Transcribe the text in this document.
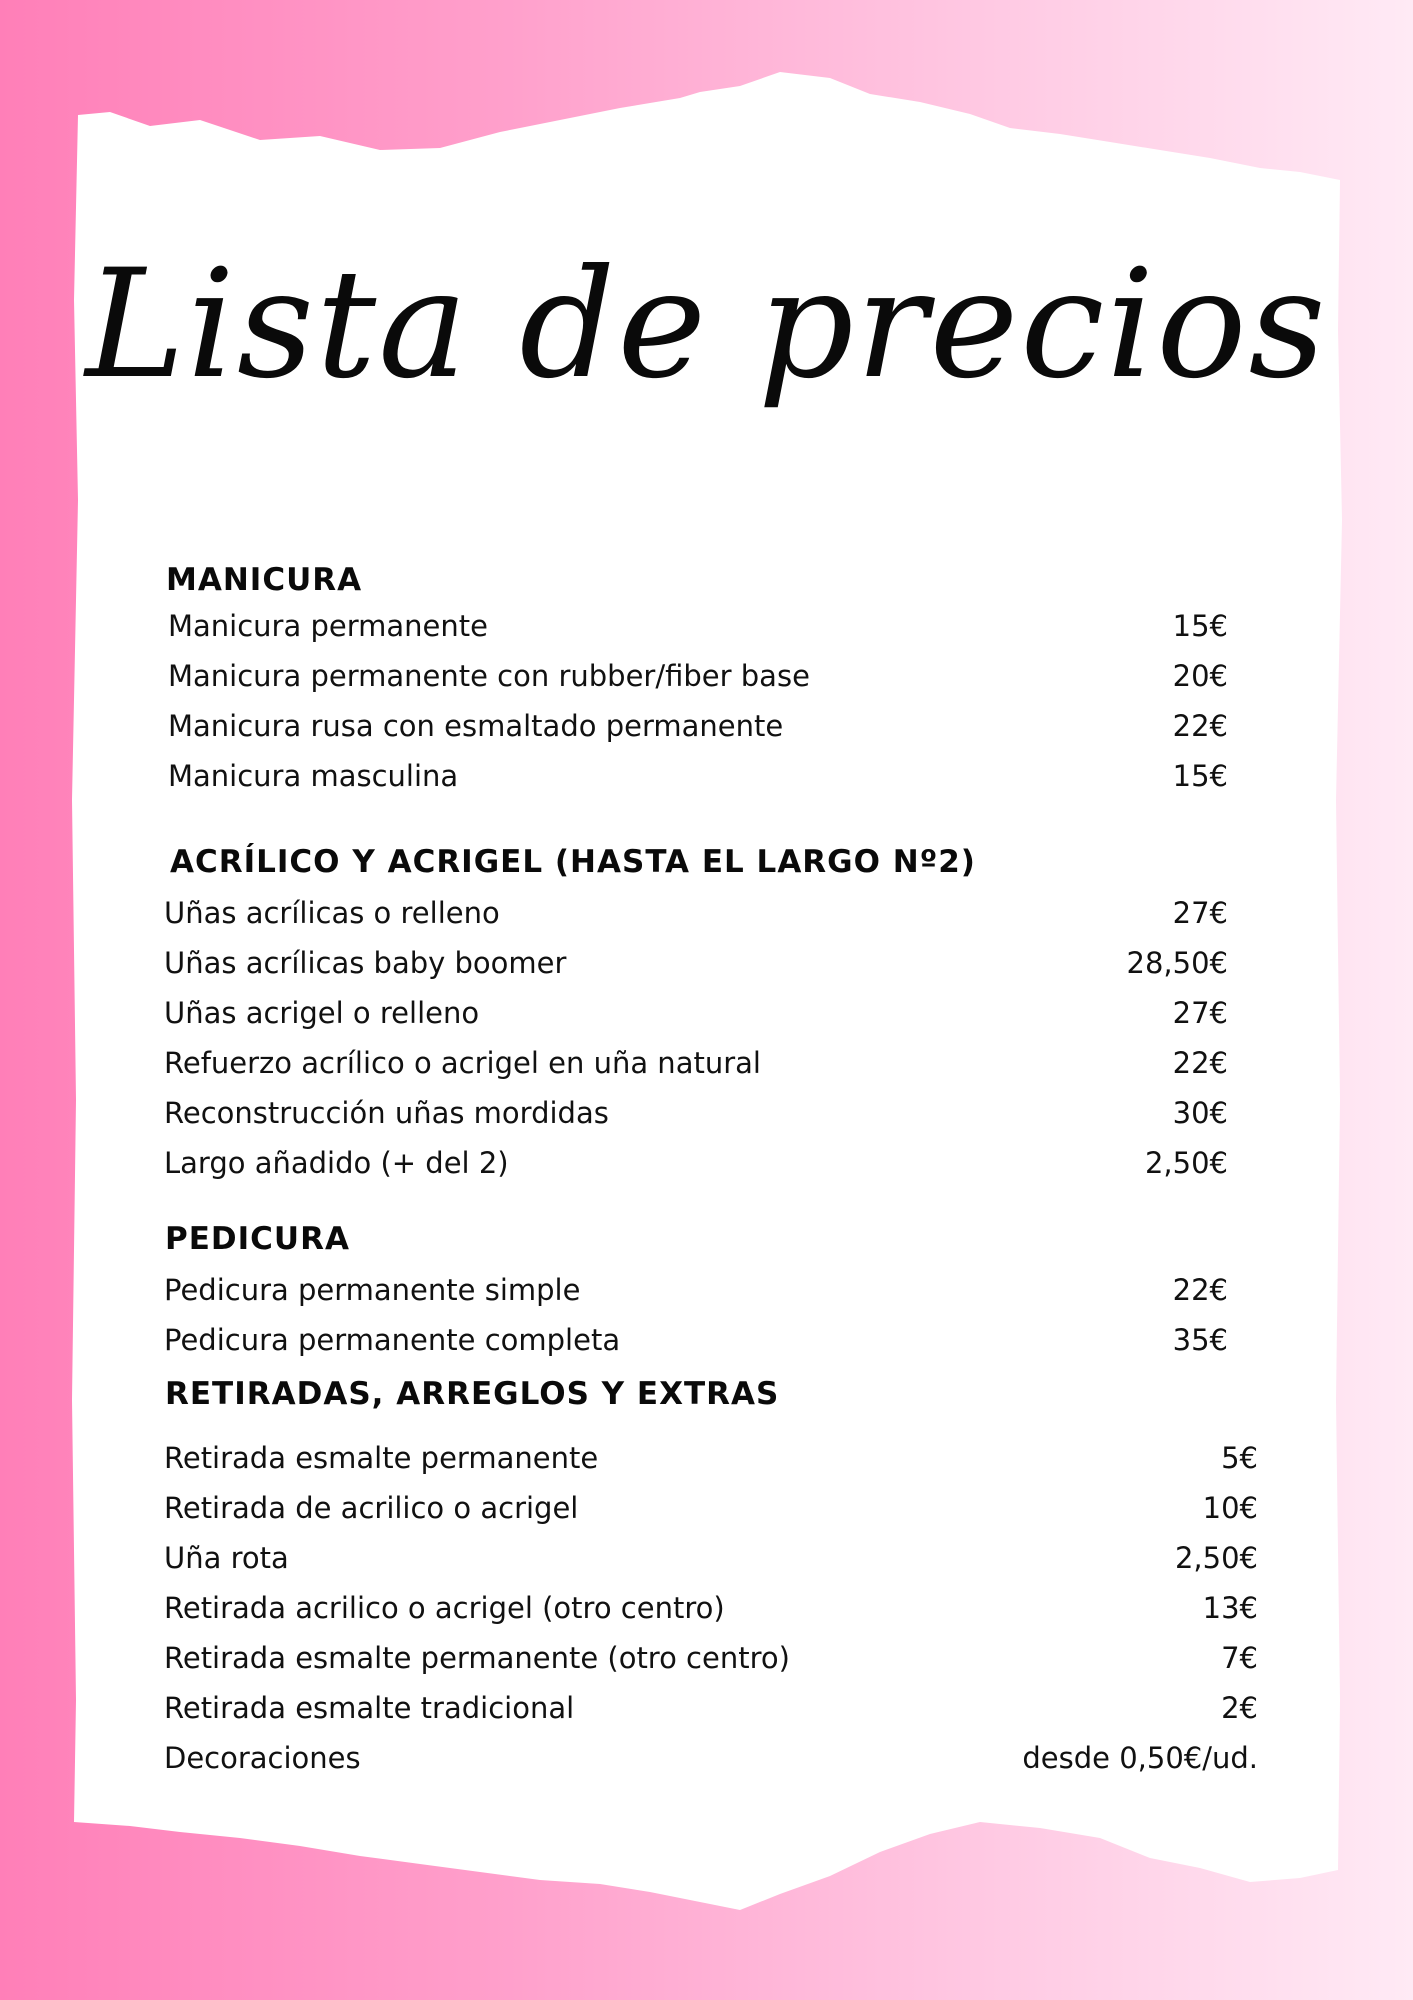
Lista de precios
MANICURA
Manicura permanente	15€
Manicura permanente con rubber/fiber base	20€
Manicura rusa con esmaltado permanente	22€
Manicura masculina	15€
ACRÍLICO Y ACRIGEL (HASTA EL LARGO Nº2)
Uñas acrílicas o relleno	27€
Uñas acrílicas baby boomer	28,50€
Uñas acrigel o relleno	27€
Refuerzo acrílico o acrigel en uña natural	22€
Reconstrucción uñas mordidas	30€
Largo añadido (+ del 2)	2,50€
PEDICURA
Pedicura permanente simple	22€
Pedicura permanente completa	35€
RETIRADAS, ARREGLOS Y EXTRAS
Retirada esmalte permanente	5€
Retirada de acrilico o acrigel	10€
Uña rota	2,50€
Retirada acrilico o acrigel (otro centro)	13€
Retirada esmalte permanente (otro centro)	7€
Retirada esmalte tradicional	2€
Decoraciones	desde 0,50€/ud.
